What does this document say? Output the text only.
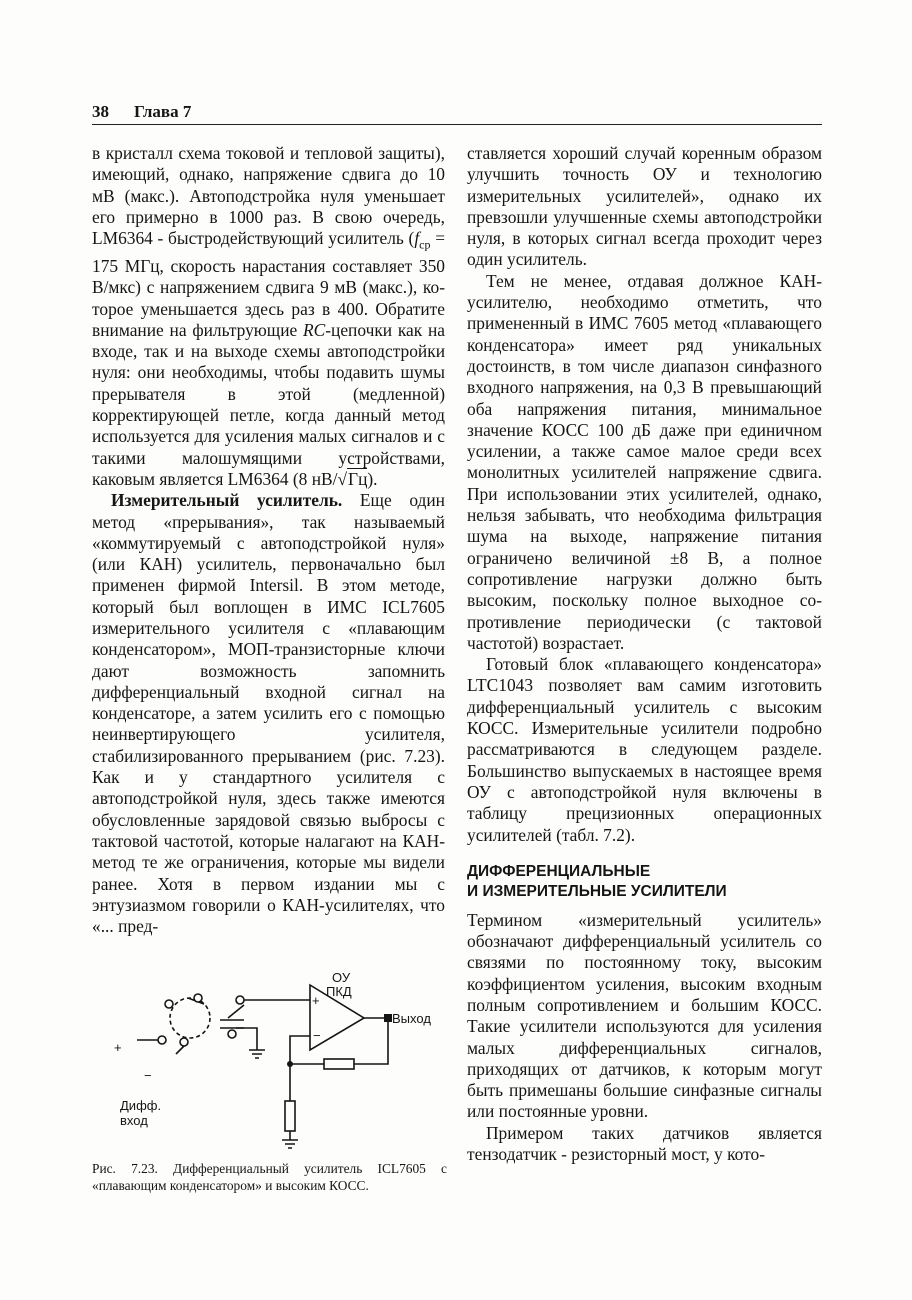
38 Глава 7

в кристалл схема токовой и тепловой защиты), имеющий, однако, напряжение сдвига до 10 мВ (макс.). Автоподстройка нуля уменьшает его примерно в 1000 раз. В свою очередь, LM6364 - быстродействующий усилитель ($f_{ср} = 175$ МГц, скорость нарастания составляет 350 В/мкс) с напряжением сдвига 9 мВ (макс.), которое уменьшается здесь раз в 400. Обратите внимание на фильтрующие RC-цепочки как на входе, так и на выходе схемы автоподстройки нуля: они необходимы, чтобы подавить шумы прерывателя в этой (медленной) корректирующей петле, когда данный метод используется для усиления малых сигналов и с такими малошумящими устройствами, каковым является LM6364 (8 нВ/√Гц).

Измерительный усилитель. Еще один метод «прерывания», так называемый «коммутируемый с автоподстройкой нуля» (или КАН) усилитель, первоначально был применен фирмой Intersil. В этом методе, который был воплощен в ИМС ICL7605 измерительного усилителя с «плавающим конденсатором», МОП-транзисторные ключи дают возможность запомнить дифференциальный входной сигнал на конденсаторе, а затем усилить его с помощью неинвертирующего усилителя, стабилизированного прерыванием (рис. 7.23). Как и у стандартного усилителя с автоподстройкой нуля, здесь также имеются обусловленные зарядовой связью выбросы с тактовой частотой, которые налагают на КАН-метод те же ограничения, которые мы видели ранее. Хотя в первом издании мы с энтузиазмом говорили о КАН-усилителях, что «... пред-

ОУ
ПКД
+
−
Выход
+
−
Дифф.
вход
Рис. 7.23. Дифференциальный усилитель ICL7605 с «плавающим конденсатором» и высоким КОСС.

ставляется хороший случай коренным образом улучшить точность ОУ и технологию измерительных усилителей», однако их превзошли улучшенные схемы автоподстройки нуля, в которых сигнал всегда проходит через один усилитель.

Тем не менее, отдавая должное КАН-усилителю, необходимо отметить, что примененный в ИМС 7605 метод «плавающего конденсатора» имеет ряд уникальных достоинств, в том числе диапазон синфазного входного напряжения, на 0,3 В превышающий оба напряжения питания, минимальное значение КОСС 100 дБ даже при единичном усилении, а также самое малое среди всех монолитных усилителей напряжение сдвига. При использовании этих усилителей, однако, нельзя забывать, что необходима фильтрация шума на выходе, напряжение питания ограничено величиной ±8 В, а полное сопротивление нагрузки должно быть высоким, поскольку полное выходное сопротивление периодически (с тактовой частотой) возрастает.

Готовый блок «плавающего конденсатора» LTC1043 позволяет вам самим изготовить дифференциальный усилитель с высоким КОСС. Измерительные усилители подробно рассматриваются в следующем разделе. Большинство выпускаемых в настоящее время ОУ с автоподстройкой нуля включены в таблицу прецизионных операционных усилителей (табл. 7.2).

ДИФФЕРЕНЦИАЛЬНЫЕ
И ИЗМЕРИТЕЛЬНЫЕ УСИЛИТЕЛИ

Термином «измерительный усилитель» обозначают дифференциальный усилитель со связями по постоянному току, высоким коэффициентом усиления, высоким входным полным сопротивлением и большим КОСС. Такие усилители используются для усиления малых дифференциальных сигналов, приходящих от датчиков, к которым могут быть примешаны большие синфазные сигналы или постоянные уровни.

Примером таких датчиков является тензодатчик - резисторный мост, у кото-
